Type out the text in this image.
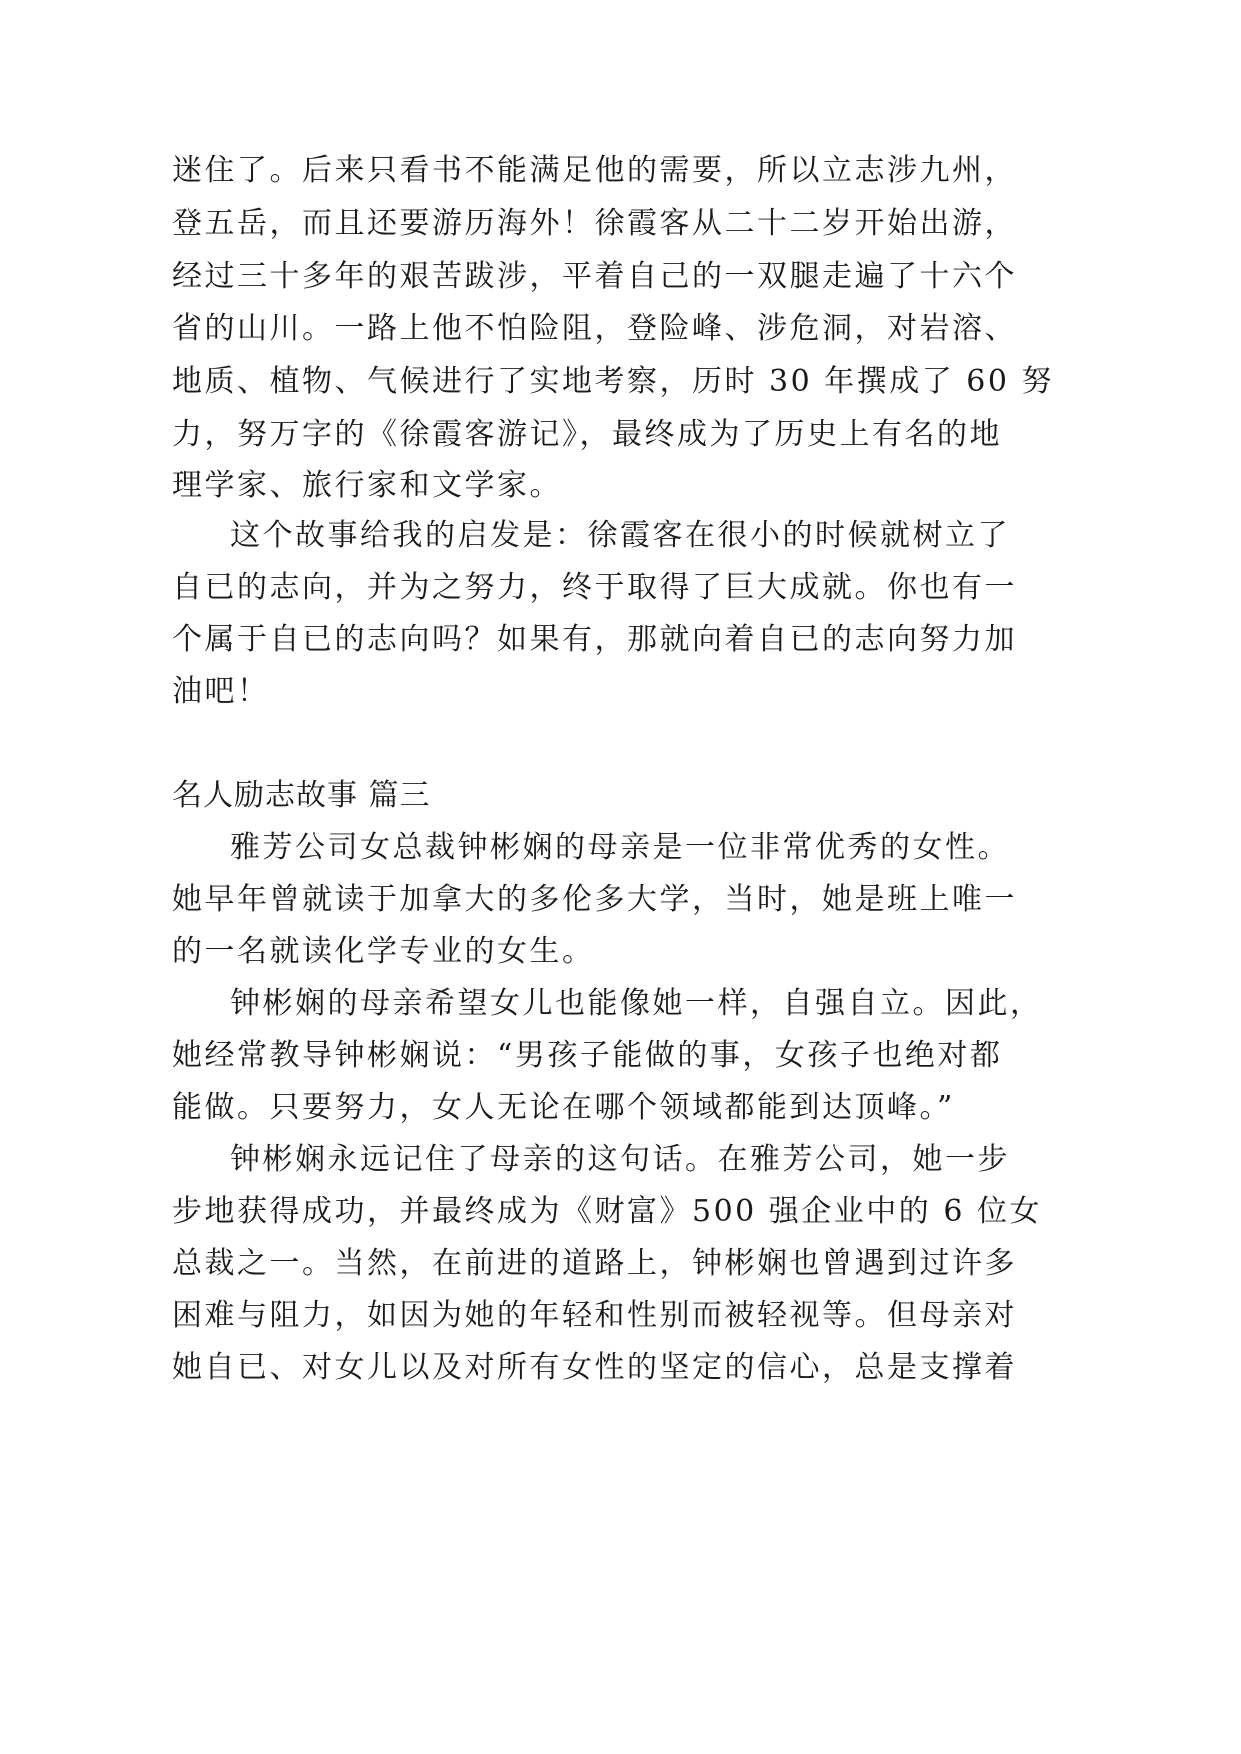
迷住了。后来只看书不能满足他的需要，所以立志涉九州，
登五岳，而且还要游历海外！徐霞客从二十二岁开始出游，
经过三十多年的艰苦跋涉，平着自己的一双腿走遍了十六个
省的山川。一路上他不怕险阻，登险峰、涉危洞，对岩溶、
地质、植物、气候进行了实地考察，历时 30 年撰成了 60 努
力，努万字的《徐霞客游记》，最终成为了历史上有名的地
理学家、旅行家和文学家。
这个故事给我的启发是：徐霞客在很小的时候就树立了
自已的志向，并为之努力，终于取得了巨大成就。你也有一
个属于自已的志向吗？如果有，那就向着自已的志向努力加
油吧！
名人励志故事 篇三
雅芳公司女总裁钟彬娴的母亲是一位非常优秀的女性。
她早年曾就读于加拿大的多伦多大学，当时，她是班上唯一
的一名就读化学专业的女生。
钟彬娴的母亲希望女儿也能像她一样，自强自立。因此，
她经常教导钟彬娴说：“男孩子能做的事，女孩子也绝对都
能做。只要努力，女人无论在哪个领域都能到达顶峰。”
钟彬娴永远记住了母亲的这句话。在雅芳公司，她一步
步地获得成功，并最终成为《财富》500 强企业中的 6 位女
总裁之一。当然，在前进的道路上，钟彬娴也曾遇到过许多
困难与阻力，如因为她的年轻和性别而被轻视等。但母亲对
她自已、对女儿以及对所有女性的坚定的信心，总是支撑着
